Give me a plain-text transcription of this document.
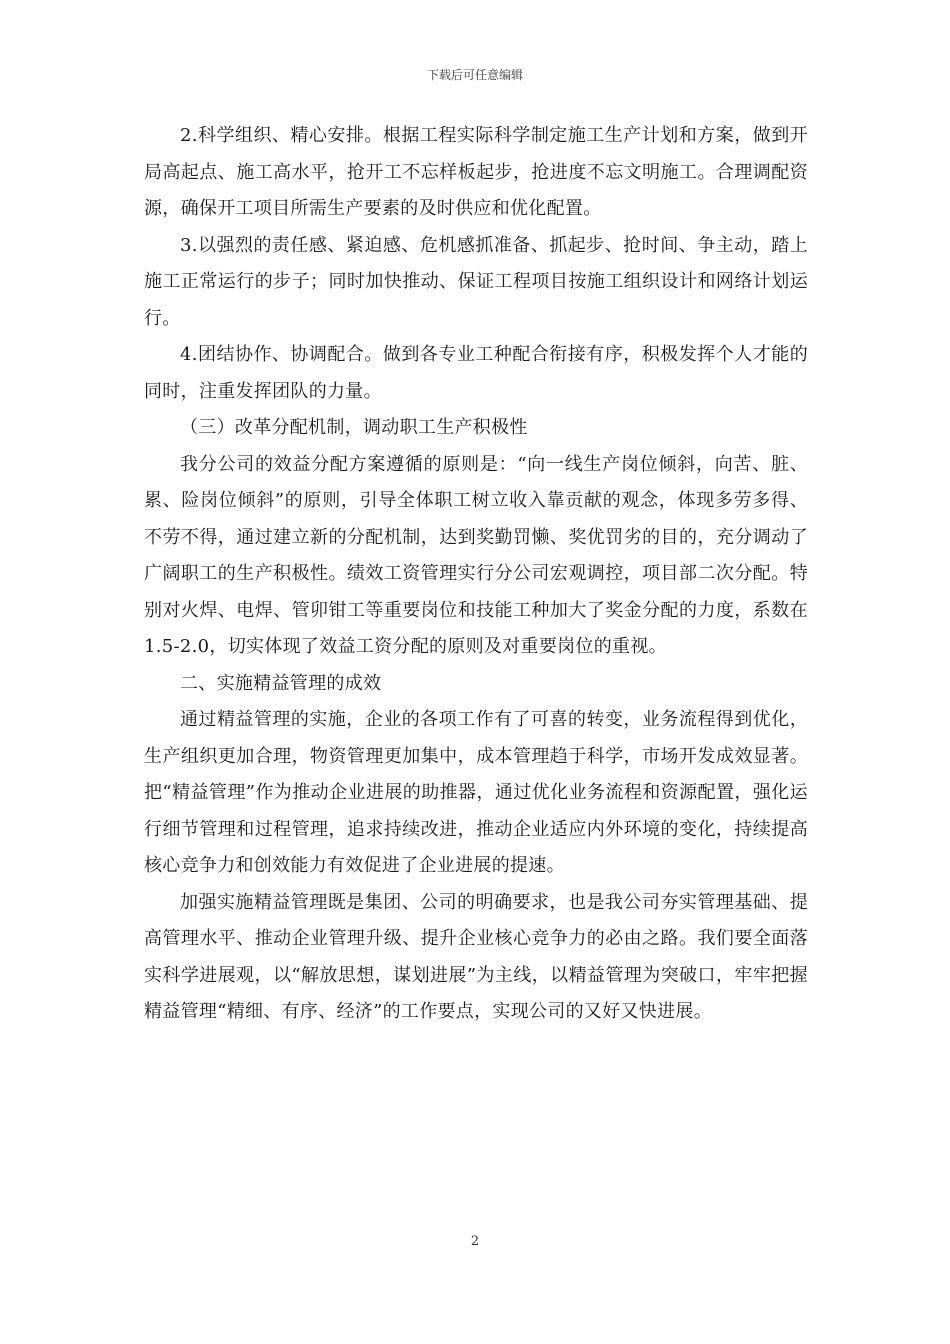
下载后可任意编辑

2.科学组织、精心安排。根据工程实际科学制定施工生产计划和方案，做到开局高起点、施工高水平，抢开工不忘样板起步，抢进度不忘文明施工。合理调配资源，确保开工项目所需生产要素的及时供应和优化配置。

3.以强烈的责任感、紧迫感、危机感抓准备、抓起步、抢时间、争主动，踏上施工正常运行的步子；同时加快推动、保证工程项目按施工组织设计和网络计划运行。

4.团结协作、协调配合。做到各专业工种配合衔接有序，积极发挥个人才能的同时，注重发挥团队的力量。

（三）改革分配机制，调动职工生产积极性

我分公司的效益分配方案遵循的原则是：“向一线生产岗位倾斜，向苦、脏、累、险岗位倾斜”的原则，引导全体职工树立收入靠贡献的观念，体现多劳多得、不劳不得，通过建立新的分配机制，达到奖勤罚懒、奖优罚劣的目的，充分调动了广阔职工的生产积极性。绩效工资管理实行分公司宏观调控，项目部二次分配。特别对火焊、电焊、管卯钳工等重要岗位和技能工种加大了奖金分配的力度，系数在1.5-2.0，切实体现了效益工资分配的原则及对重要岗位的重视。

二、实施精益管理的成效

通过精益管理的实施，企业的各项工作有了可喜的转变，业务流程得到优化，生产组织更加合理，物资管理更加集中，成本管理趋于科学，市场开发成效显著。把“精益管理”作为推动企业进展的助推器，通过优化业务流程和资源配置，强化运行细节管理和过程管理，追求持续改进，推动企业适应内外环境的变化，持续提高核心竞争力和创效能力有效促进了企业进展的提速。

加强实施精益管理既是集团、公司的明确要求，也是我公司夯实管理基础、提高管理水平、推动企业管理升级、提升企业核心竞争力的必由之路。我们要全面落实科学进展观，以“解放思想，谋划进展”为主线，以精益管理为突破口，牢牢把握精益管理“精细、有序、经济”的工作要点，实现公司的又好又快进展。

2
